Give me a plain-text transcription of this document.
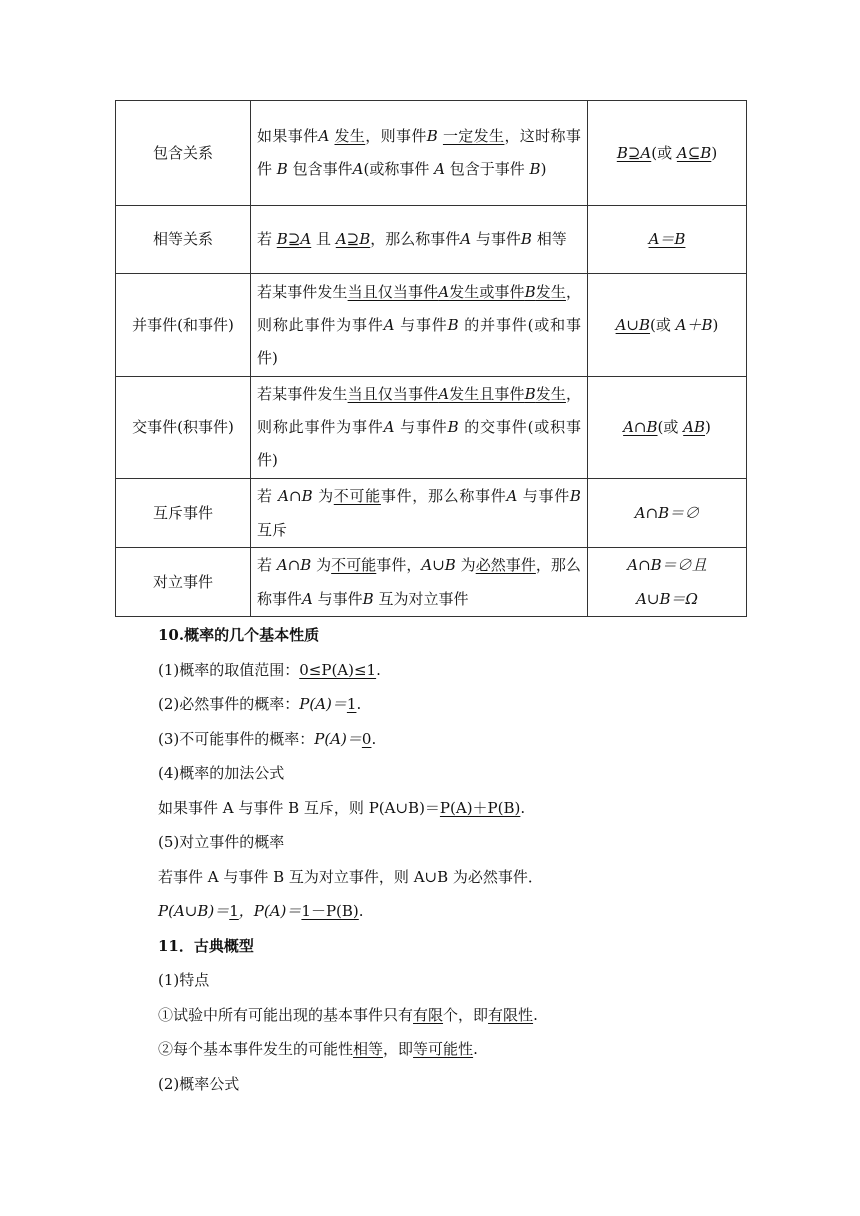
包含关系	如果事件A 发生，则事件B 一定发生，这时称事件 B 包含事件A(或称事件 A 包含于事件 B)	B⊇A(或 A⊆B)
相等关系	若 B⊇A 且 A⊇B，那么称事件A 与事件B 相等	A＝B
并事件(和事件)	若某事件发生当且仅当事件A发生或事件B发生，则称此事件为事件A 与事件B 的并事件(或和事件)	A∪B(或 A＋B)
交事件(积事件)	若某事件发生当且仅当事件A发生且事件B发生，则称此事件为事件A 与事件B 的交事件(或积事件)	A∩B(或 AB)
互斥事件	若 A∩B 为不可能事件，那么称事件A 与事件B 互斥	A∩B＝∅
对立事件	若 A∩B 为不可能事件，A∪B 为必然事件，那么称事件A 与事件B 互为对立事件	A∩B＝∅且
A∪B＝Ω

10.概率的几个基本性质

(1)概率的取值范围：0≤P(A)≤1.

(2)必然事件的概率：P(A)＝1.

(3)不可能事件的概率：P(A)＝0.

(4)概率的加法公式

如果事件 A 与事件 B 互斥，则 P(A∪B)＝P(A)＋P(B).

(5)对立事件的概率

若事件 A 与事件 B 互为对立事件，则 A∪B 为必然事件．

P(A∪B)＝1，P(A)＝1－P(B).

11．古典概型

(1)特点

①试验中所有可能出现的基本事件只有有限个，即有限性.

②每个基本事件发生的可能性相等，即等可能性.

(2)概率公式
